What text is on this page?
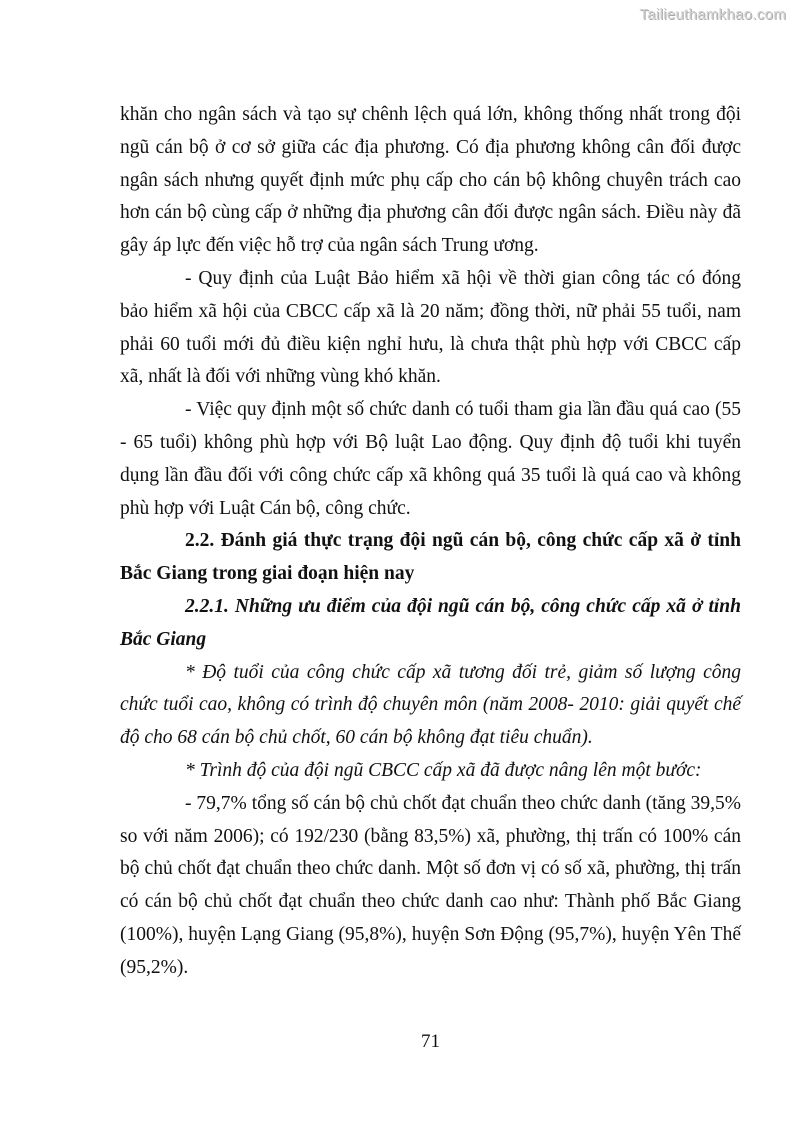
Tailieuthamkhao.com

khăn cho ngân sách và tạo sự chênh lệch quá lớn, không thống nhất trong đội ngũ cán bộ ở cơ sở giữa các địa phương. Có địa phương không cân đối được ngân sách nhưng quyết định mức phụ cấp cho cán bộ không chuyên trách cao hơn cán bộ cùng cấp ở những địa phương cân đối được ngân sách. Điều này đã gây áp lực đến việc hỗ trợ của ngân sách Trung ương.

- Quy định của Luật Bảo hiểm xã hội về thời gian công tác có đóng bảo hiểm xã hội của CBCC cấp xã là 20 năm; đồng thời, nữ phải 55 tuổi, nam phải 60 tuổi mới đủ điều kiện nghỉ hưu, là chưa thật phù hợp với CBCC cấp xã, nhất là đối với những vùng khó khăn.

- Việc quy định một số chức danh có tuổi tham gia lần đầu quá cao (55 - 65 tuổi) không phù hợp với Bộ luật Lao động. Quy định độ tuổi khi tuyển dụng lần đầu đối với công chức cấp xã không quá 35 tuổi là quá cao và không phù hợp với Luật Cán bộ, công chức.

2.2. Đánh giá thực trạng đội ngũ cán bộ, công chức cấp xã ở tỉnh Bắc Giang trong giai đoạn hiện nay

2.2.1. Những ưu điểm của đội ngũ cán bộ, công chức cấp xã ở tỉnh Bắc Giang

* Độ tuổi của công chức cấp xã tương đối trẻ, giảm số lượng công chức tuổi cao, không có trình độ chuyên môn (năm 2008- 2010: giải quyết chế độ cho 68 cán bộ chủ chốt, 60 cán bộ không đạt tiêu chuẩn).

* Trình độ của đội ngũ CBCC cấp xã đã được nâng lên một bước:

- 79,7% tổng số cán bộ chủ chốt đạt chuẩn theo chức danh (tăng 39,5% so với năm 2006); có 192/230 (bằng 83,5%) xã, phường, thị trấn có 100% cán bộ chủ chốt đạt chuẩn theo chức danh. Một số đơn vị có số xã, phường, thị trấn có cán bộ chủ chốt đạt chuẩn theo chức danh cao như: Thành phố Bắc Giang (100%), huyện Lạng Giang (95,8%), huyện Sơn Động (95,7%), huyện Yên Thế (95,2%).

71
